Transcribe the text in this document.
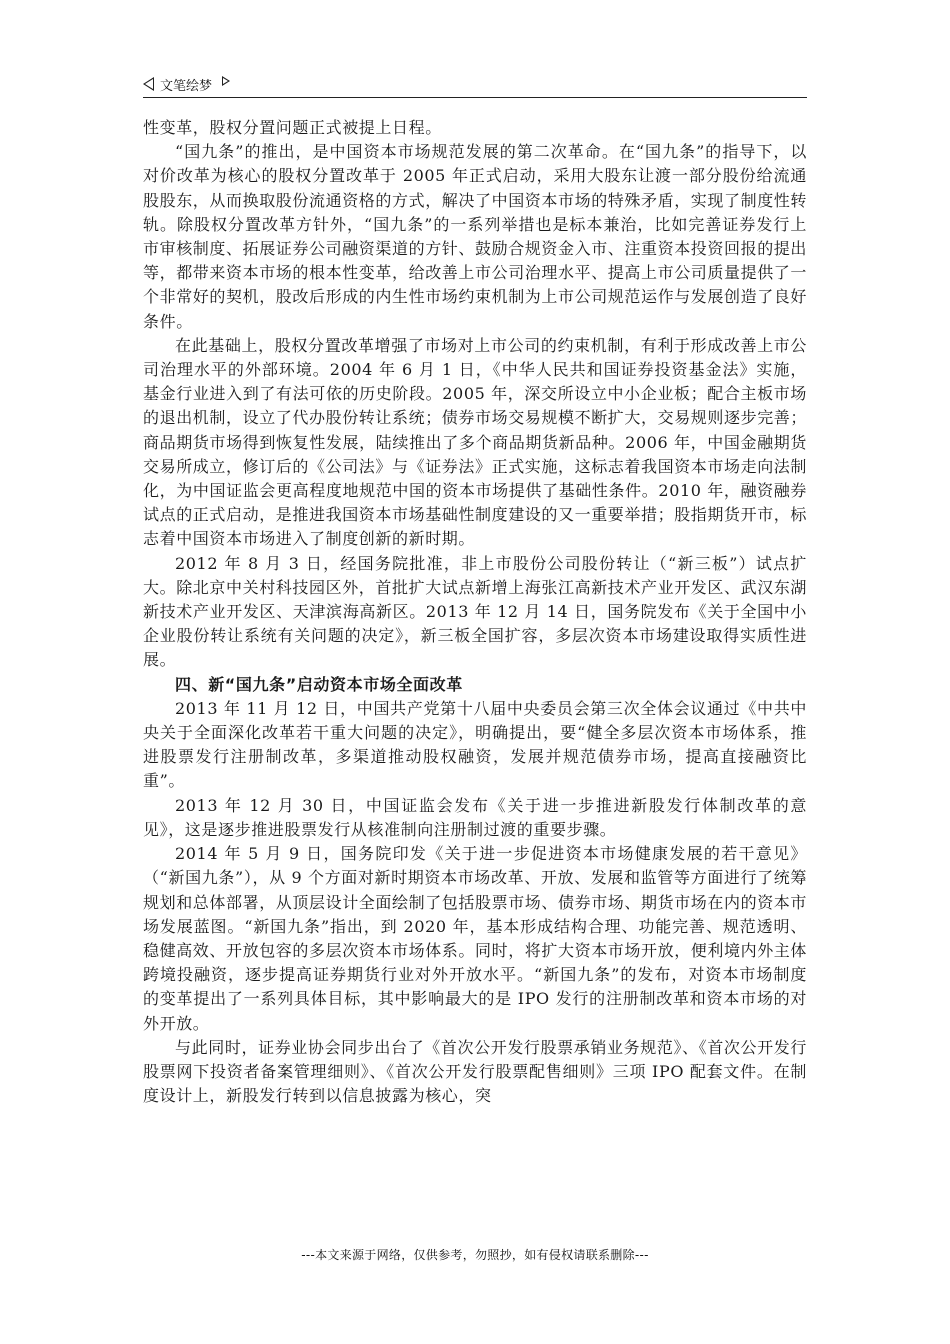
文笔绘梦

性变革，股权分置问题正式被提上日程。

“国九条”的推出，是中国资本市场规范发展的第二次革命。在“国九条”的指导下，以对价改革为核心的股权分置改革于 2005 年正式启动，采用大股东让渡一部分股份给流通股股东，从而换取股份流通资格的方式，解决了中国资本市场的特殊矛盾，实现了制度性转轨。除股权分置改革方针外，“国九条”的一系列举措也是标本兼治，比如完善证券发行上市审核制度、拓展证券公司融资渠道的方针、鼓励合规资金入市、注重资本投资回报的提出等，都带来资本市场的根本性变革，给改善上市公司治理水平、提高上市公司质量提供了一个非常好的契机，股改后形成的内生性市场约束机制为上市公司规范运作与发展创造了良好条件。

在此基础上，股权分置改革增强了市场对上市公司的约束机制，有利于形成改善上市公司治理水平的外部环境。2004 年 6 月 1 日，《中华人民共和国证券投资基金法》实施，基金行业进入到了有法可依的历史阶段。2005 年，深交所设立中小企业板；配合主板市场的退出机制，设立了代办股份转让系统；债券市场交易规模不断扩大，交易规则逐步完善；商品期货市场得到恢复性发展，陆续推出了多个商品期货新品种。2006 年，中国金融期货交易所成立，修订后的《公司法》与《证券法》正式实施，这标志着我国资本市场走向法制化，为中国证监会更高程度地规范中国的资本市场提供了基础性条件。2010 年，融资融券试点的正式启动，是推进我国资本市场基础性制度建设的又一重要举措；股指期货开市，标志着中国资本市场进入了制度创新的新时期。

2012 年 8 月 3 日，经国务院批准，非上市股份公司股份转让（“新三板”）试点扩大。除北京中关村科技园区外，首批扩大试点新增上海张江高新技术产业开发区、武汉东湖新技术产业开发区、天津滨海高新区。2013 年 12 月 14 日，国务院发布《关于全国中小企业股份转让系统有关问题的决定》，新三板全国扩容，多层次资本市场建设取得实质性进展。

四、新“国九条”启动资本市场全面改革

2013 年 11 月 12 日，中国共产党第十八届中央委员会第三次全体会议通过《中共中央关于全面深化改革若干重大问题的决定》，明确提出，要“健全多层次资本市场体系，推进股票发行注册制改革，多渠道推动股权融资，发展并规范债券市场，提高直接融资比重”。

2013 年 12 月 30 日，中国证监会发布《关于进一步推进新股发行体制改革的意见》，这是逐步推进股票发行从核准制向注册制过渡的重要步骤。

2014 年 5 月 9 日，国务院印发《关于进一步促进资本市场健康发展的若干意见》（“新国九条”），从 9 个方面对新时期资本市场改革、开放、发展和监管等方面进行了统筹规划和总体部署，从顶层设计全面绘制了包括股票市场、债券市场、期货市场在内的资本市场发展蓝图。“新国九条”指出，到 2020 年，基本形成结构合理、功能完善、规范透明、稳健高效、开放包容的多层次资本市场体系。同时，将扩大资本市场开放，便利境内外主体跨境投融资，逐步提高证券期货行业对外开放水平。“新国九条”的发布，对资本市场制度的变革提出了一系列具体目标，其中影响最大的是 IPO 发行的注册制改革和资本市场的对外开放。

与此同时，证券业协会同步出台了《首次公开发行股票承销业务规范》、《首次公开发行股票网下投资者备案管理细则》、《首次公开发行股票配售细则》三项 IPO 配套文件。在制度设计上，新股发行转到以信息披露为核心，突

---本文来源于网络，仅供参考，勿照抄，如有侵权请联系删除---
